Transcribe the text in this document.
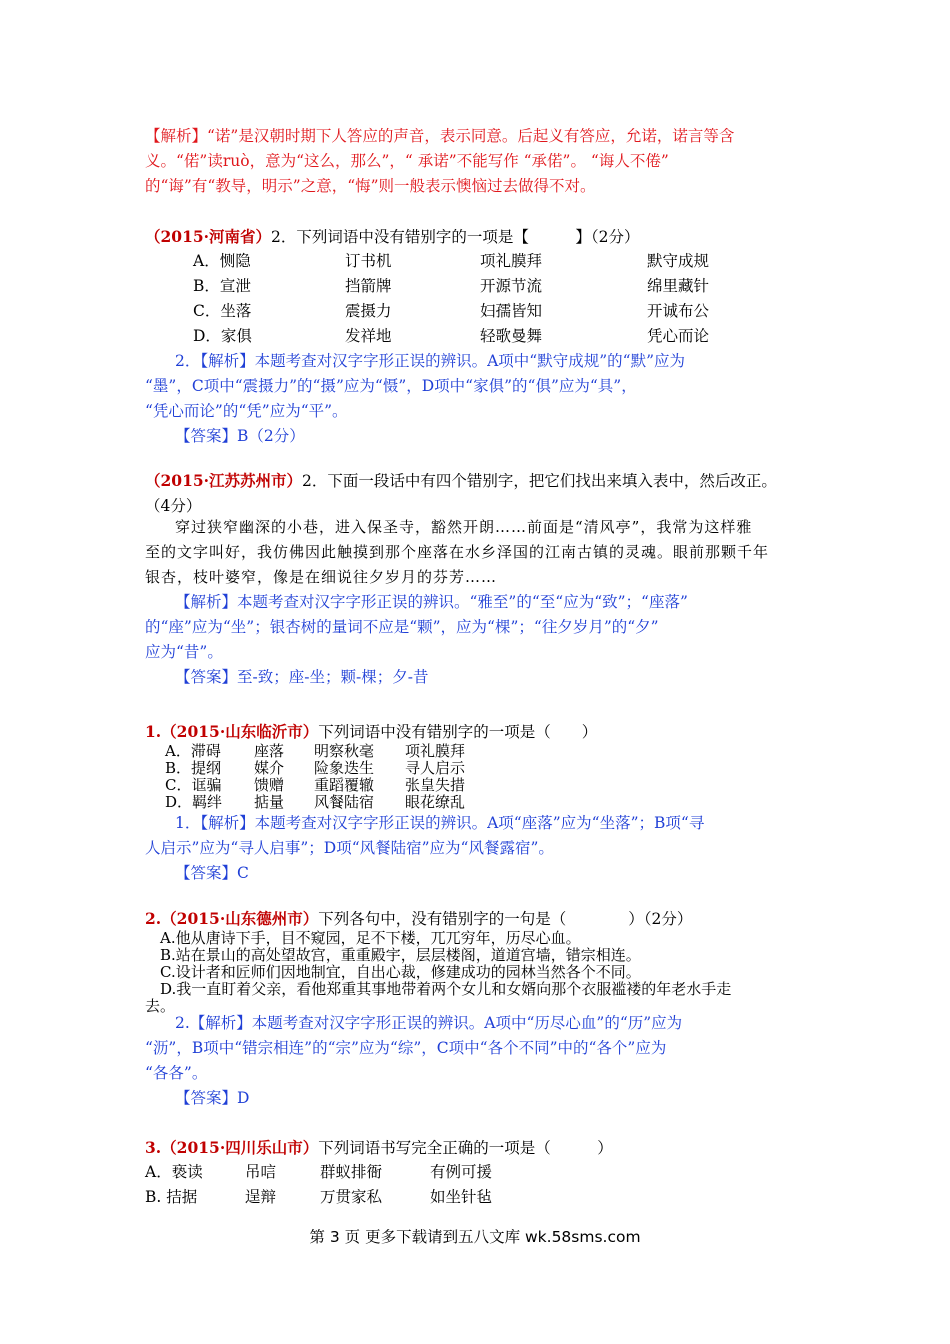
【解析】“诺”是汉朝时期下人答应的声音，表示同意。后起义有答应，允诺，诺言等含
义。“偌”读ruò，意为“这么，那么”，“ 承诺”不能写作 “承偌”。 “诲人不倦”
的“诲”有“教导，明示”之意，“悔”则一般表示懊恼过去做得不对。
（2015·河南省）2．下列词语中没有错别字的一项是【　　　】（2分）
A．恻隐	订书机	项礼膜拜	默守成规
B．宣泄	挡箭牌	开源节流	绵里藏针
C．坐落	震摄力	妇孺皆知	开诚布公
D．家俱	发祥地	轻歌曼舞	凭心而论
2．【解析】本题考查对汉字字形正误的辨识。A项中“默守成规”的“默”应为
“墨”，C项中“震摄力”的“摄”应为“慑”，D项中“家俱”的“俱”应为“具”，
“凭心而论”的“凭”应为“平”。
【答案】B（2分）
（2015·江苏苏州市）2．下面一段话中有四个错别字，把它们找出来填入表中，然后改正。
（4分）
穿过狭窄幽深的小巷，进入保圣寺，豁然开朗……前面是“清风亭”，我常为这样雅
至的文字叫好，我仿佛因此触摸到那个座落在水乡泽国的江南古镇的灵魂。眼前那颗千年
银杏，枝叶婆窄，像是在细说往夕岁月的芬芳……
【解析】本题考查对汉字字形正误的辨识。“雅至”的“至“应为“致”；“座落”
的“座”应为“坐”；银杏树的量词不应是“颗”，应为“棵”；“往夕岁月”的“夕”
应为“昔”。
【答案】至-致；座-坐；颗-棵；夕-昔
1.（2015·山东临沂市）下列词语中没有错别字的一项是（　　）
A．滞碍 座落 明察秋毫 项礼膜拜
B．提纲 媒介 险象迭生 寻人启示
C．诓骗 馈赠 重蹈覆辙 张皇失措
D．羁绊 掂量 风餐陆宿 眼花缭乱
1．【解析】本题考查对汉字字形正误的辨识。A项“座落”应为“坐落”；B项“寻
人启示”应为“寻人启事”；D项“风餐陆宿”应为“风餐露宿”。
【答案】C
2.（2015·山东德州市）下列各句中，没有错别字的一句是（　　　　）（2分）
A.他从唐诗下手，目不窥园，足不下楼，兀兀穷年，历尽心血。
B.站在景山的高处望故宫，重重殿宇，层层楼阁，道道宫墙，错宗相连。
C.设计者和匠师们因地制宜，自出心裁，修建成功的园林当然各个不同。
D.我一直盯着父亲，看他郑重其事地带着两个女儿和女婿向那个衣服褴褛的年老水手走
去。
2.【解析】本题考查对汉字字形正误的辨识。A项中“历尽心血”的“历”应为
“沥”，B项中“错宗相连”的“宗”应为“综”，C项中“各个不同”中的“各个”应为
“各各”。
【答案】D
3.（2015·四川乐山市）下列词语书写完全正确的一项是（　　　）
A．亵读	吊唁	群蚁排衙	有例可援
B. 拮据	逞辩	万贯家私	如坐针毡
第 3 页 更多下载请到五八文库 wk.58sms.com
